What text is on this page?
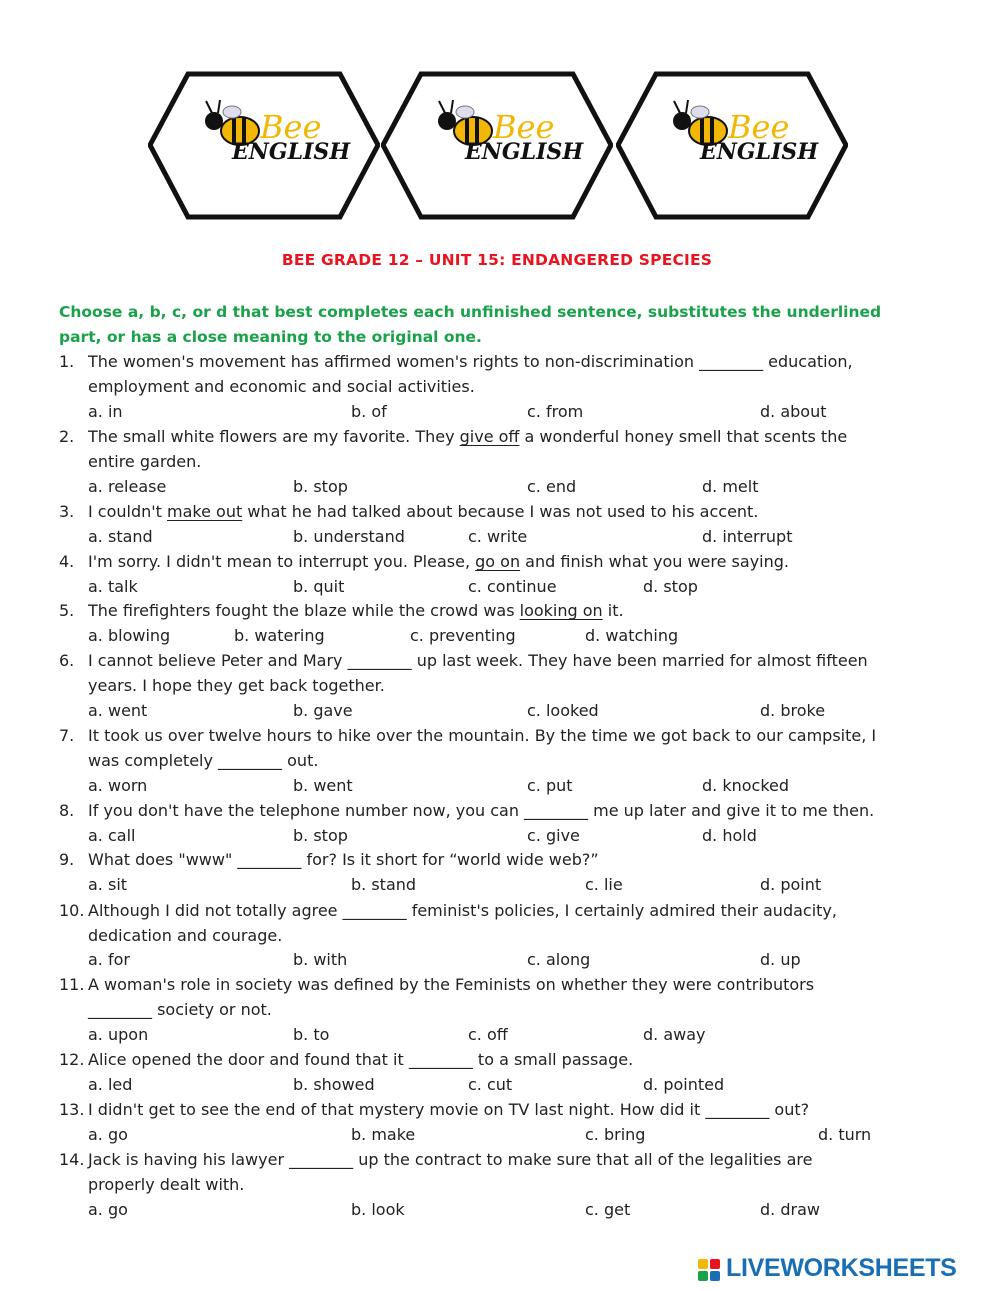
Bee
ENGLISH
Bee
ENGLISH
Bee
ENGLISH
BEE GRADE 12 – UNIT 15: ENDANGERED SPECIES
Choose a, b, c, or d that best completes each unfinished sentence, substitutes the underlined
part, or has a close meaning to the original one.
1. The women's movement has affirmed women's rights to non-discrimination ________ education,
employment and economic and social activities.
a. in	b. of	c. from	d. about
2. The small white flowers are my favorite. They give off a wonderful honey smell that scents the
entire garden.
a. release	b. stop	c. end	d. melt
3. I couldn't make out what he had talked about because I was not used to his accent.
a. stand	b. understand	c. write	d. interrupt
4. I'm sorry. I didn't mean to interrupt you. Please, go on and finish what you were saying.
a. talk	b. quit	c. continue	d. stop
5. The firefighters fought the blaze while the crowd was looking on it.
a. blowing	b. watering	c. preventing	d. watching
6. I cannot believe Peter and Mary ________ up last week. They have been married for almost fifteen
years. I hope they get back together.
a. went	b. gave	c. looked	d. broke
7. It took us over twelve hours to hike over the mountain. By the time we got back to our campsite, I
was completely ________ out.
a. worn	b. went	c. put	d. knocked
8. If you don't have the telephone number now, you can ________ me up later and give it to me then.
a. call	b. stop	c. give	d. hold
9. What does "www" ________ for? Is it short for “world wide web?”
a. sit	b. stand	c. lie	d. point
10. Although I did not totally agree ________ feminist's policies, I certainly admired their audacity,
dedication and courage.
a. for	b. with	c. along	d. up
11. A woman's role in society was defined by the Feminists on whether they were contributors
________ society or not.
a. upon	b. to	c. off	d. away
12. Alice opened the door and found that it ________ to a small passage.
a. led	b. showed	c. cut	d. pointed
13. I didn't get to see the end of that mystery movie on TV last night. How did it ________ out?
a. go	b. make	c. bring	d. turn
14. Jack is having his lawyer ________ up the contract to make sure that all of the legalities are
properly dealt with.
a. go	b. look	c. get	d. draw
LIVEWORKSHEETS
